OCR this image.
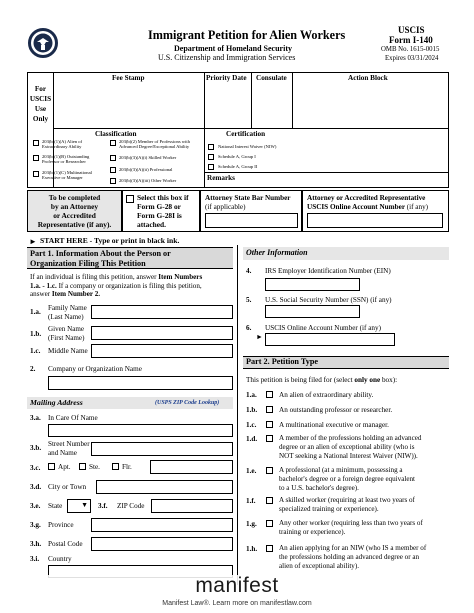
Immigrant Petition for Alien Workers
Department of Homeland Security
U.S. Citizenship and Immigration Services
USCIS
Form I-140
OMB No. 1615-0015
Expires 03/31/2024
For
USCIS
Use
Only
Fee Stamp	Priority Date Consulate	Action Block
Classification	Certification
Remarks
203(b)(1)(A) Alien of
Extraordinary Ability
203(b)(1)(B) Outstanding
Professor or Researcher
203(b)(1)(C) Multinational
Executive or Manager
203(b)(2) Member of Professions with
Advanced Degree/Exceptional Ability
203(b)(3)(A)(i) Skilled Worker
203(b)(3)(A)(ii) Professional
203(b)(3)(A)(iii) Other Worker
National Interest Waiver (NIW)
Schedule A, Group I
Schedule A, Group II
To be completed
by an Attorney
or Accredited
Representative (if any).
Select this box if
Form G-28 or
Form G-28I is
attached.
Attorney State Bar Number
(if applicable)
Attorney or Accredited Representative
USCIS Online Account Number (if any)
► START HERE - Type or print in black ink.
Part 1. Information About the Person or
Organization Filing This Petition
If an individual is filing this petition, answer Item Numbers
1.a. - 1.c. If a company or organization is filing this petition,
answer Item Number 2.
1.a. Family Name
(Last Name)
1.b.
Given Name
(First Name)
1.c. Middle Name
2. Company or Organization Name
Mailing Address	(USPS ZIP Code Lookup)
3.a. In Care Of Name
3.b. Street Number
and Name
3.c. Apt.	Ste.	Flr.
3.d. City or Town
3.e. State	▼ 3.f. ZIP Code
3.g. Province
3.h. Postal Code
3.i. Country
Other Information
4. IRS Employer Identification Number (EIN)
5. U.S. Social Security Number (SSN) (if any)
6. USCIS Online Account Number (if any)
►
Part 2. Petition Type
This petition is being filed for (select only one box):
1.a.	An alien of extraordinary ability.
1.b.	An outstanding professor or researcher.
1.c.	A multinational executive or manager.
1.d.	A member of the professions holding an advanced
degree or an alien of exceptional ability (who is
NOT seeking a National Interest Waiver (NIW)).
1.e.	A professional (at a minimum, possessing a
bachelor's degree or a foreign degree equivalent
to a U.S. bachelor's degree).
1.f.	A skilled worker (requiring at least two years of
specialized training or experience).
1.g.	Any other worker (requiring less than two years of
training or experience).
1.h.	An alien applying for an NIW (who IS a member of
the professions holding an advanced degree or an
alien of exceptional ability).
manifest
Manifest Law®. Learn more on manifestlaw.com
